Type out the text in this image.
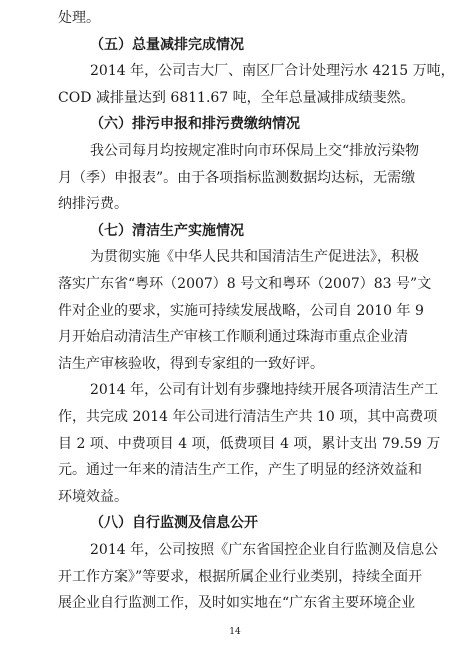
处理。
（五）总量减排完成情况
2014 年，公司吉大厂、南区厂合计处理污水 4215 万吨，
COD 减排量达到 6811.67 吨，全年总量减排成绩斐然。
（六）排污申报和排污费缴纳情况
我公司每月均按规定准时向市环保局上交“排放污染物
月（季）申报表”。由于各项指标监测数据均达标，无需缴
纳排污费。
（七）清洁生产实施情况
为贯彻实施《中华人民共和国清洁生产促进法》，积极
落实广东省“粤环（2007）8 号文和粤环（2007）83 号”文
件对企业的要求，实施可持续发展战略，公司自 2010 年 9
月开始启动清洁生产审核工作顺利通过珠海市重点企业清
洁生产审核验收，得到专家组的一致好评。
2014 年，公司有计划有步骤地持续开展各项清洁生产工
作，共完成 2014 年公司进行清洁生产共 10 项，其中高费项
目 2 项、中费项目 4 项，低费项目 4 项，累计支出 79.59 万
元。通过一年来的清洁生产工作，产生了明显的经济效益和
环境效益。
（八）自行监测及信息公开
2014 年，公司按照《广东省国控企业自行监测及信息公
开工作方案》”等要求，根据所属企业行业类别，持续全面开
展企业自行监测工作，及时如实地在“广东省主要环境企业
14
